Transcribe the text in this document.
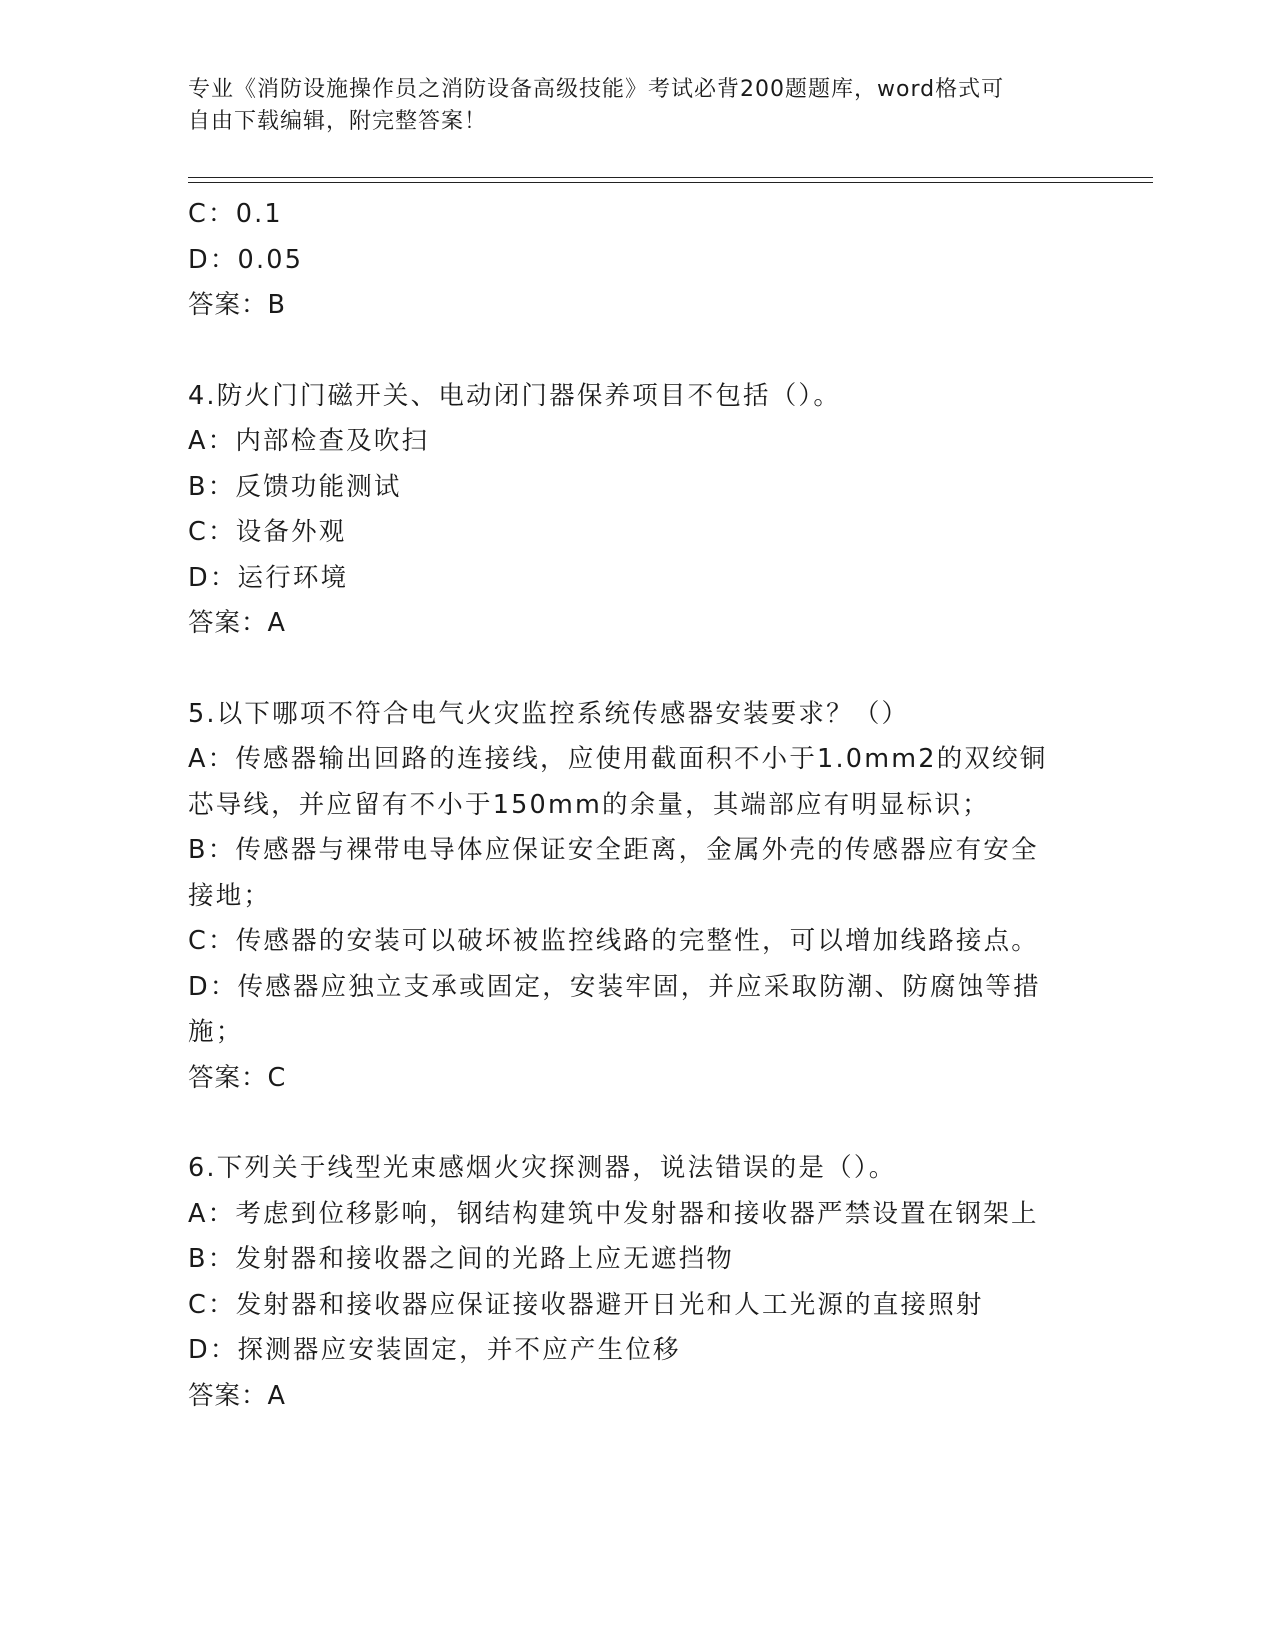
专业《消防设施操作员之消防设备高级技能》考试必背200题题库，word格式可
自由下载编辑，附完整答案！
C：0.1
D：0.05
答案：B
4.防火门门磁开关、电动闭门器保养项目不包括（）。
A：内部检查及吹扫
B：反馈功能测试
C：设备外观
D：运行环境
答案：A
5.以下哪项不符合电气火灾监控系统传感器安装要求？（）
A：传感器输出回路的连接线，应使用截面积不小于1.0mm2的双绞铜
芯导线，并应留有不小于150mm的余量，其端部应有明显标识；
B：传感器与裸带电导体应保证安全距离，金属外壳的传感器应有安全
接地；
C：传感器的安装可以破坏被监控线路的完整性，可以增加线路接点。
D：传感器应独立支承或固定，安装牢固，并应采取防潮、防腐蚀等措
施；
答案：C
6.下列关于线型光束感烟火灾探测器，说法错误的是（）。
A：考虑到位移影响，钢结构建筑中发射器和接收器严禁设置在钢架上
B：发射器和接收器之间的光路上应无遮挡物
C：发射器和接收器应保证接收器避开日光和人工光源的直接照射
D：探测器应安装固定，并不应产生位移
答案：A
